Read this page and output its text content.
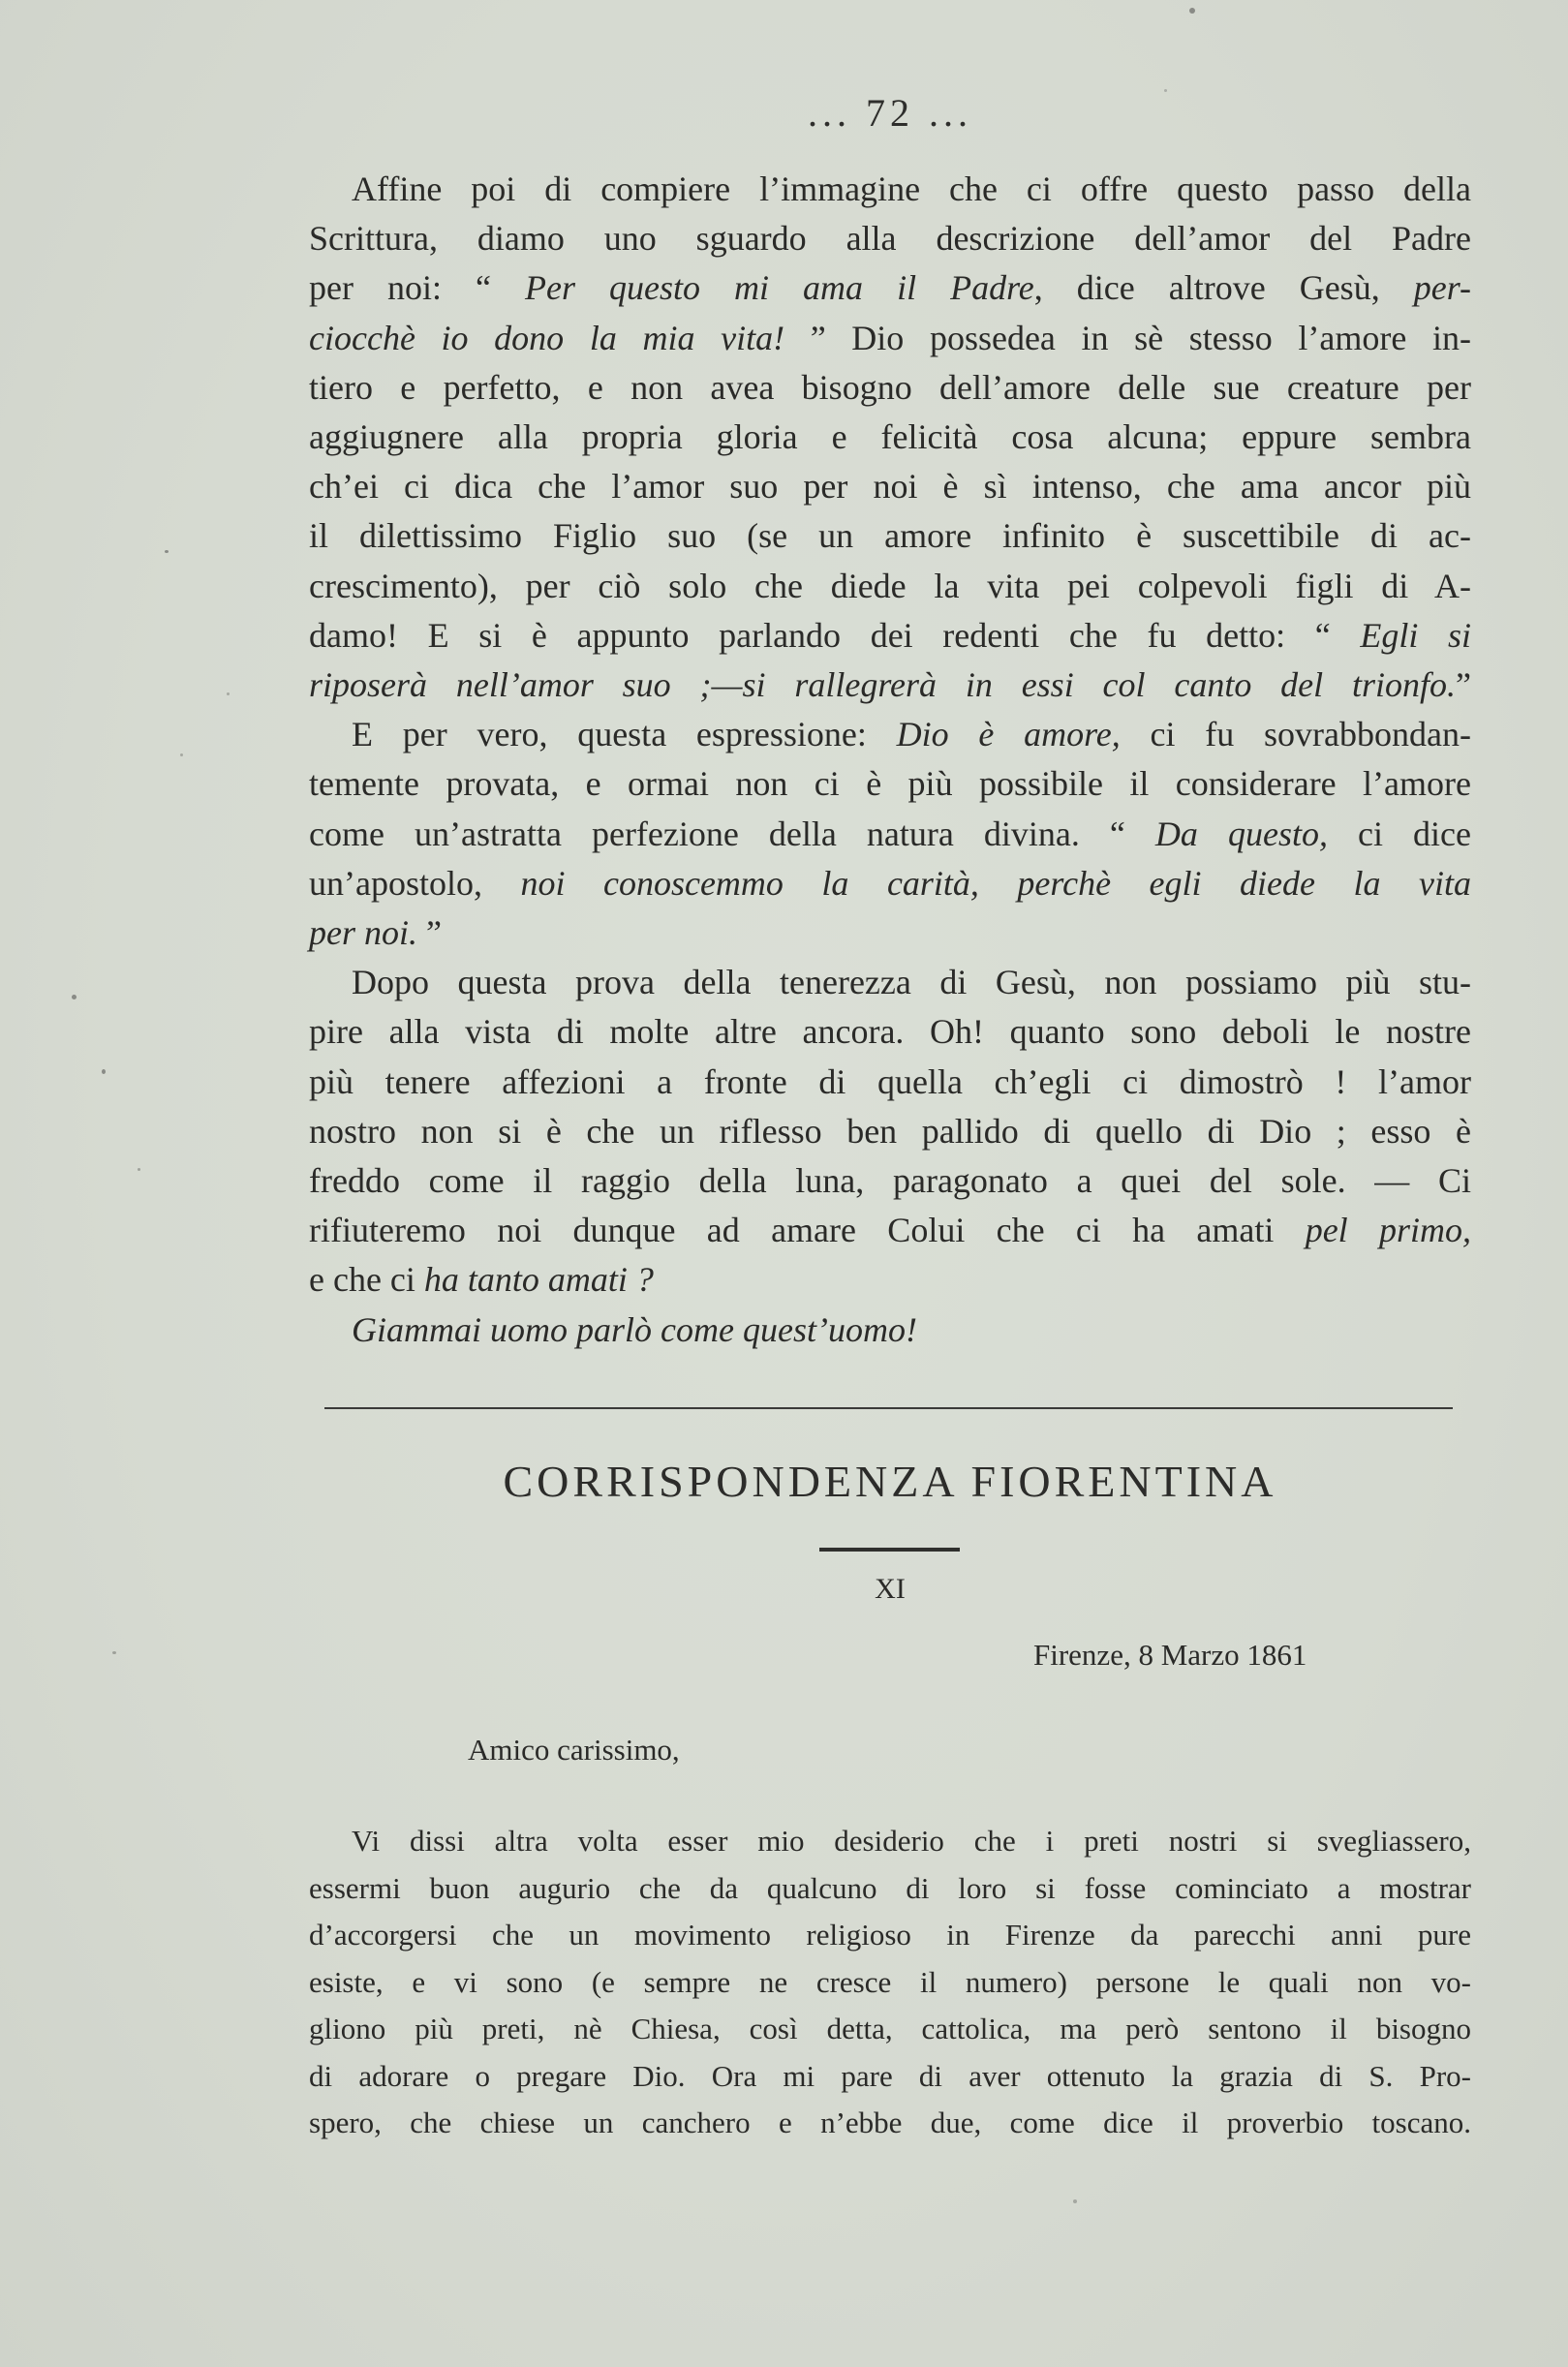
... 72 ...
Affine poi di compiere l’immagine che ci offre questo passo della
Scrittura, diamo uno sguardo alla descrizione dell’amor del Padre
per noi: “ Per questo mi ama il Padre, dice altrove Gesù, per-
ciocchè io dono la mia vita! ” Dio possedea in sè stesso l’amore in-
tiero e perfetto, e non avea bisogno dell’amore delle sue creature per
aggiugnere alla propria gloria e felicità cosa alcuna; eppure sembra
ch’ei ci dica che l’amor suo per noi è sì intenso, che ama ancor più
il dilettissimo Figlio suo (se un amore infinito è suscettibile di ac-
crescimento), per ciò solo che diede la vita pei colpevoli figli di A-
damo! E si è appunto parlando dei redenti che fu detto: “ Egli si
riposerà nell’amor suo ;—si rallegrerà in essi col canto del trionfo.”
E per vero, questa espressione: Dio è amore, ci fu sovrabbondan-
temente provata, e ormai non ci è più possibile il considerare l’amore
come un’astratta perfezione della natura divina. “ Da questo, ci dice
un’apostolo, noi conoscemmo la carità, perchè egli diede la vita
per noi. ”
Dopo questa prova della tenerezza di Gesù, non possiamo più stu-
pire alla vista di molte altre ancora. Oh! quanto sono deboli le nostre
più tenere affezioni a fronte di quella ch’egli ci dimostrò ! l’amor
nostro non si è che un riflesso ben pallido di quello di Dio ; esso è
freddo come il raggio della luna, paragonato a quei del sole. — Ci
rifiuteremo noi dunque ad amare Colui che ci ha amati pel primo,
e che ci ha tanto amati ?
Giammai uomo parlò come quest’uomo!
CORRISPONDENZA FIORENTINA
XI
Firenze, 8 Marzo 1861
Amico carissimo,
Vi dissi altra volta esser mio desiderio che i preti nostri si svegliassero,
essermi buon augurio che da qualcuno di loro si fosse cominciato a mostrar
d’accorgersi che un movimento religioso in Firenze da parecchi anni pure
esiste, e vi sono (e sempre ne cresce il numero) persone le quali non vo-
gliono più preti, nè Chiesa, così detta, cattolica, ma però sentono il bisogno
di adorare o pregare Dio. Ora mi pare di aver ottenuto la grazia di S. Pro-
spero, che chiese un canchero e n’ebbe due, come dice il proverbio toscano.
